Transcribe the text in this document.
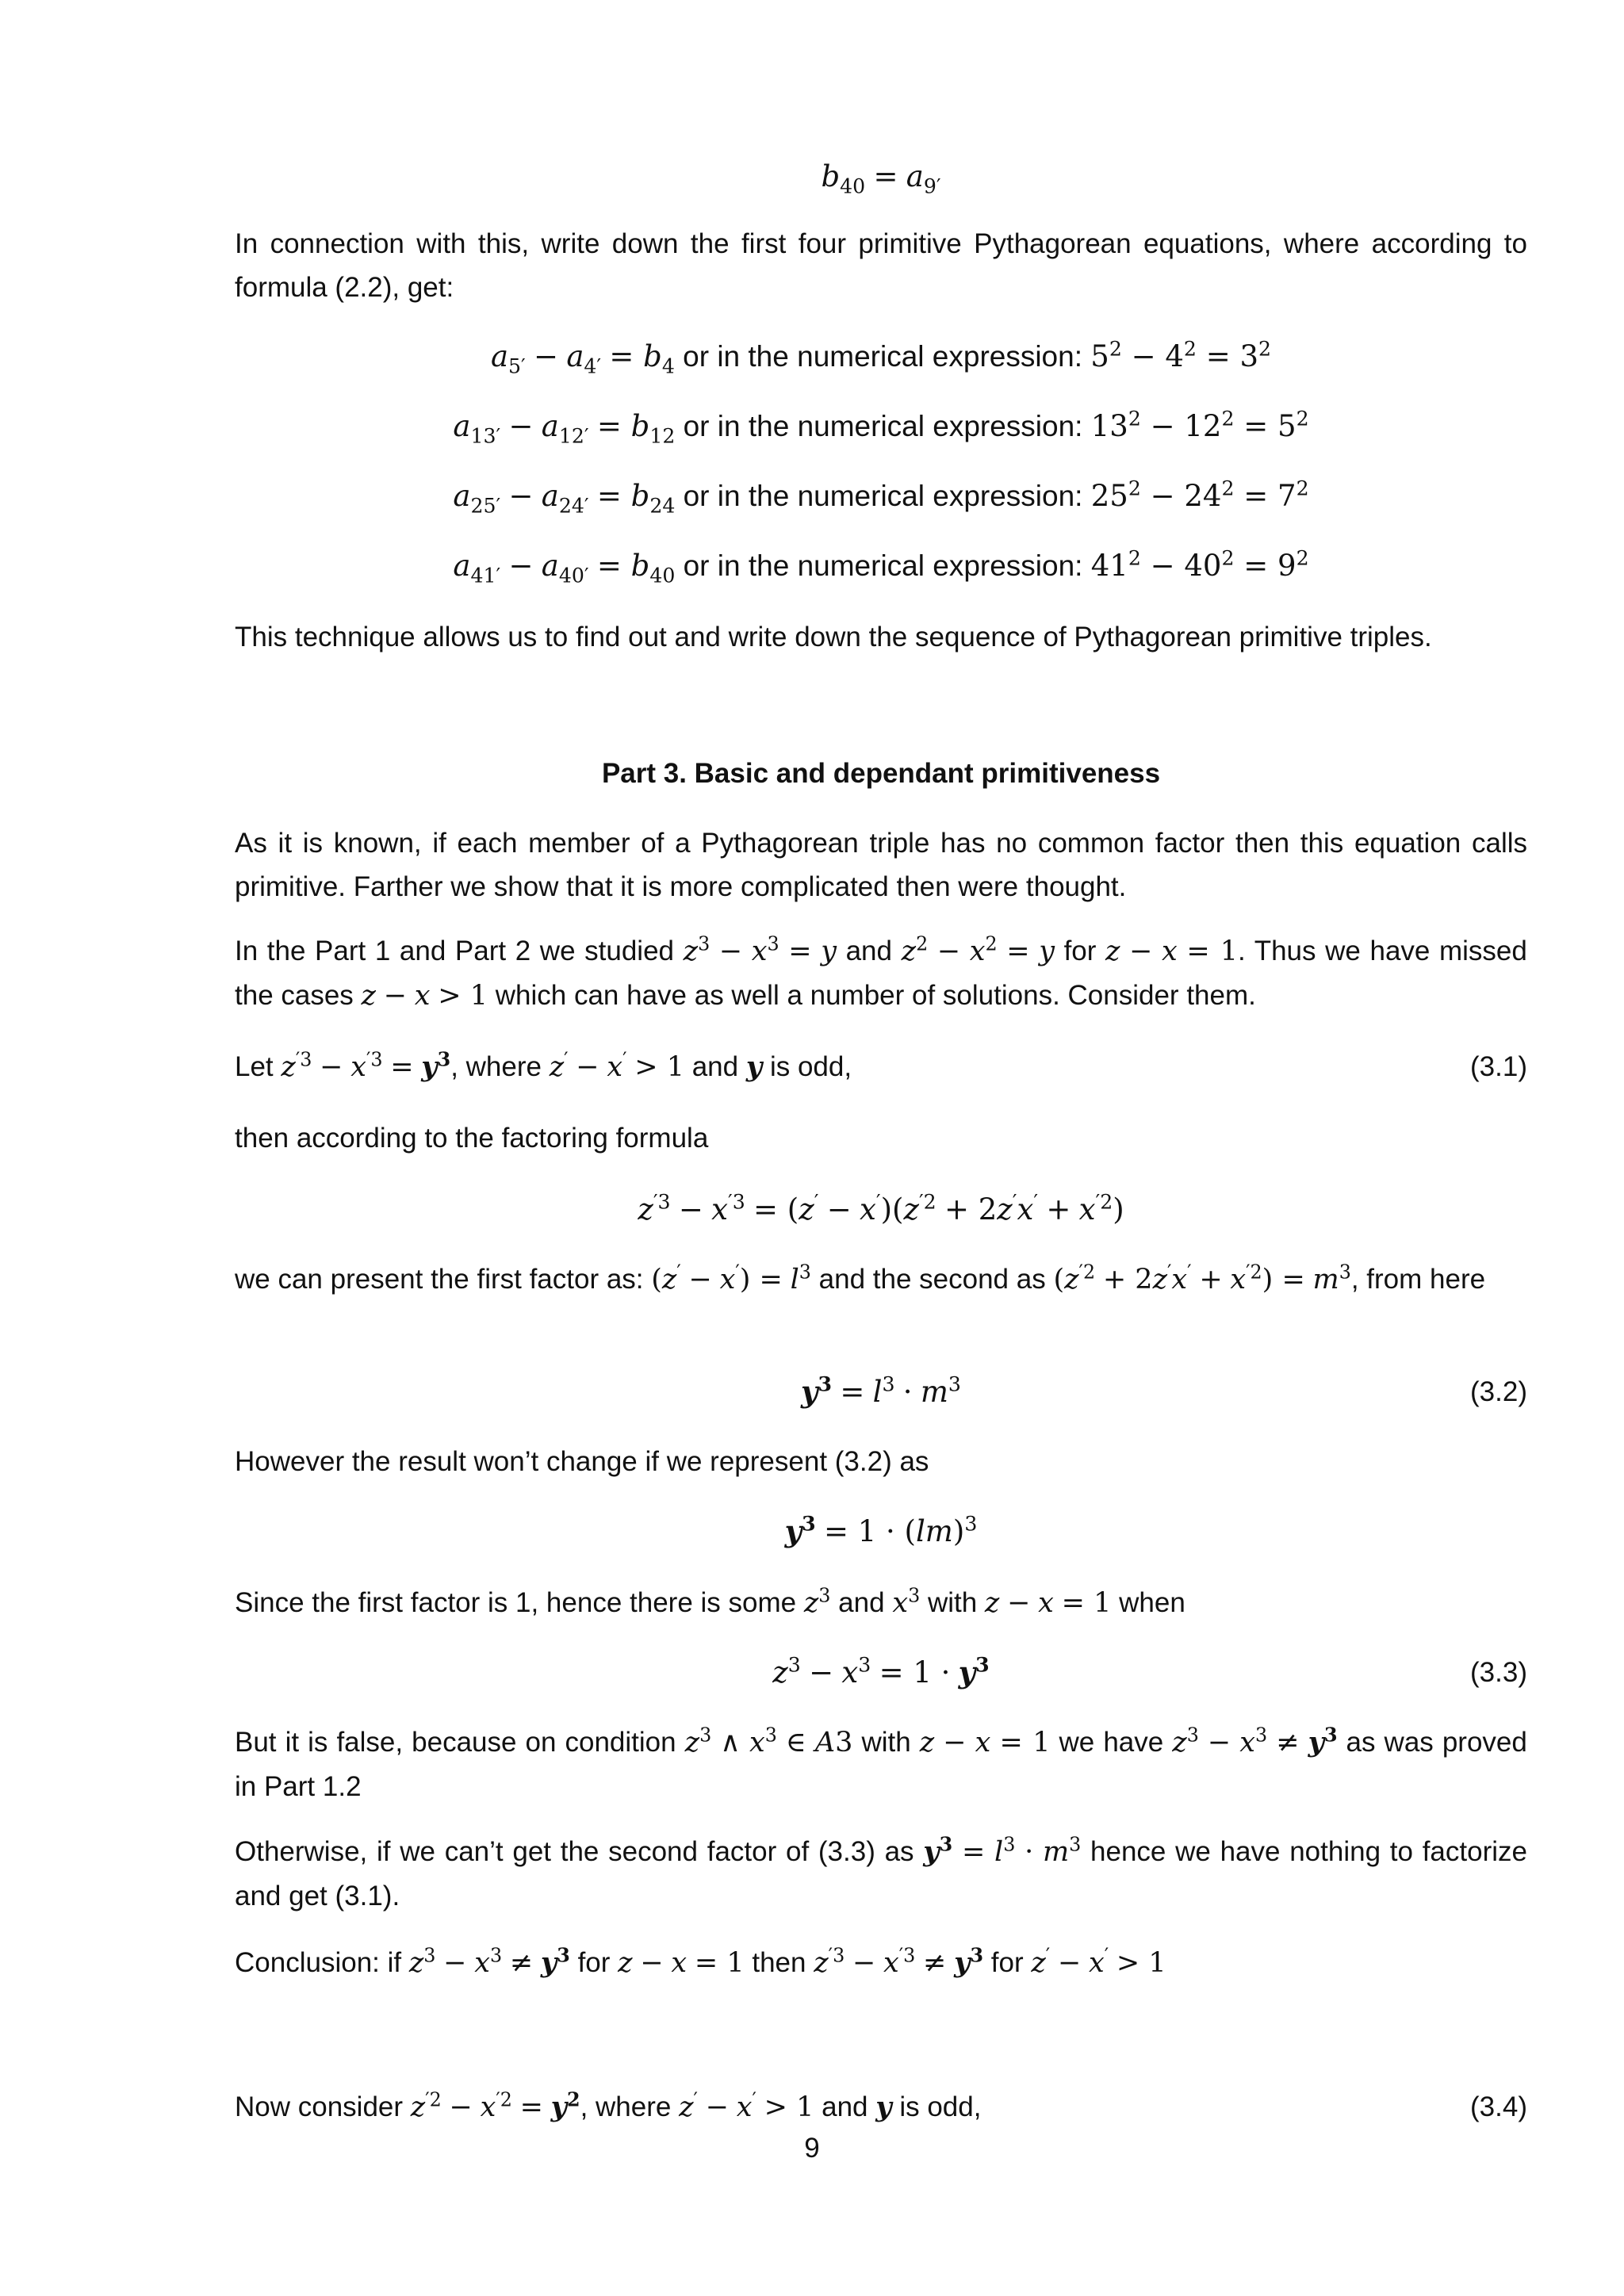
$b_{40} = a_{9'}$
In connection with this, write down the first four primitive Pythagorean equations, where according to formula (2.2), get:
$a_{5'} - a_{4'} = b_4$ or in the numerical expression: $5^2 - 4^2 = 3^2$
$a_{13'} - a_{12'} = b_{12}$ or in the numerical expression: $13^2 - 12^2 = 5^2$
$a_{25'} - a_{24'} = b_{24}$ or in the numerical expression: $25^2 - 24^2 = 7^2$
$a_{41'} - a_{40'} = b_{40}$ or in the numerical expression: $41^2 - 40^2 = 9^2$
This technique allows us to find out and write down the sequence of Pythagorean primitive triples.
Part 3. Basic and dependant primitiveness
As it is known, if each member of a Pythagorean triple has no common factor then this equation calls primitive. Farther we show that it is more complicated then were thought.
In the Part 1 and Part 2 we studied $z^3 - x^3 = y$ and $z^2 - x^2 = y$ for z − x = 1. Thus we have missed the cases z − x > 1 which can have as well a number of solutions. Consider them.
Let $z^{'3} - x^{'3} = y^3$, where z′ − x′ > 1 and y is odd,	(3.1)
then according to the factoring formula
$z^{'3} - x^{'3} = (z' - x')(z^{'2} + 2z'x' + x^{'2})$
we can present the first factor as: $(z' - x') = l^3$ and the second as $(z^{'2} + 2z'x' + x^{'2}) = m^3$, from here
$y^3 = l^3 \cdot m^3$	(3.2)
However the result won’t change if we represent (3.2) as
$y^3 = 1 \cdot (lm)^3$
Since the first factor is 1, hence there is some $z^3$ and $x^3$ with z − x = 1 when
$z^3 - x^3 = 1 \cdot y^3$	(3.3)
But it is false, because on condition $z^3$ ∧ $x^3$ ∈ A3 with z − x = 1 we have $z^3 - x^3 \ne y^3$ as was proved in Part 1.2
Otherwise, if we can’t get the second factor of (3.3) as $y^3 = l^3 \cdot m^3$ hence we have nothing to factorize and get (3.1).
Conclusion: if $z^3 - x^3 \ne y^3$ for z − x = 1 then $z^{'3} - x^{'3} \ne y^3$ for z′ − x′ > 1
Now consider $z^{'2} - x^{'2} = y^2$, where z′ − x′ > 1 and y is odd,	(3.4)
9
